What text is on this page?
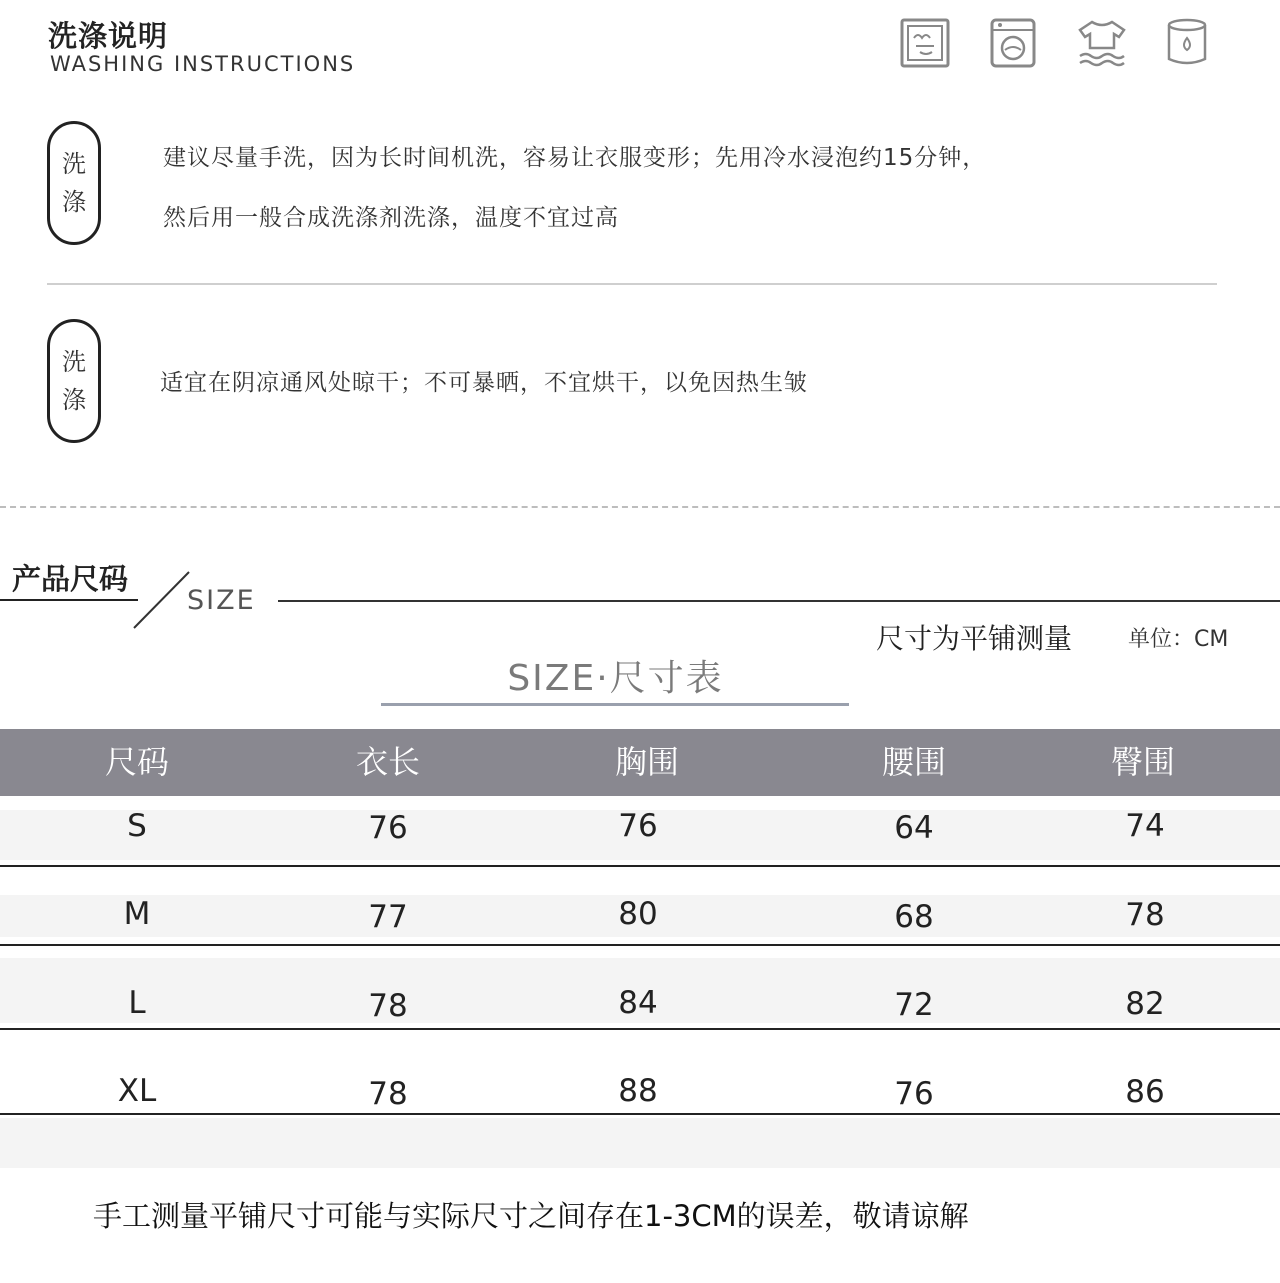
洗涤说明
WASHING INSTRUCTIONS
洗
涤
建议尽量手洗，因为长时间机洗，容易让衣服变形；先用冷水浸泡约15分钟，
然后用一般合成洗涤剂洗涤，温度不宜过高
洗
涤
适宜在阴凉通风处晾干；不可暴晒，不宜烘干，以免因热生皱
产品尺码
SIZE
尺寸为平铺测量	单位：CM
SIZE·尺寸表
尺码	衣长	胸围	腰围	臀围
S	76	76	64	74
M	77	80	68	78
L	78	84	72	82
XL	78	88	76	86
手工测量平铺尺寸可能与实际尺寸之间存在1-3CM的误差，敬请谅解
